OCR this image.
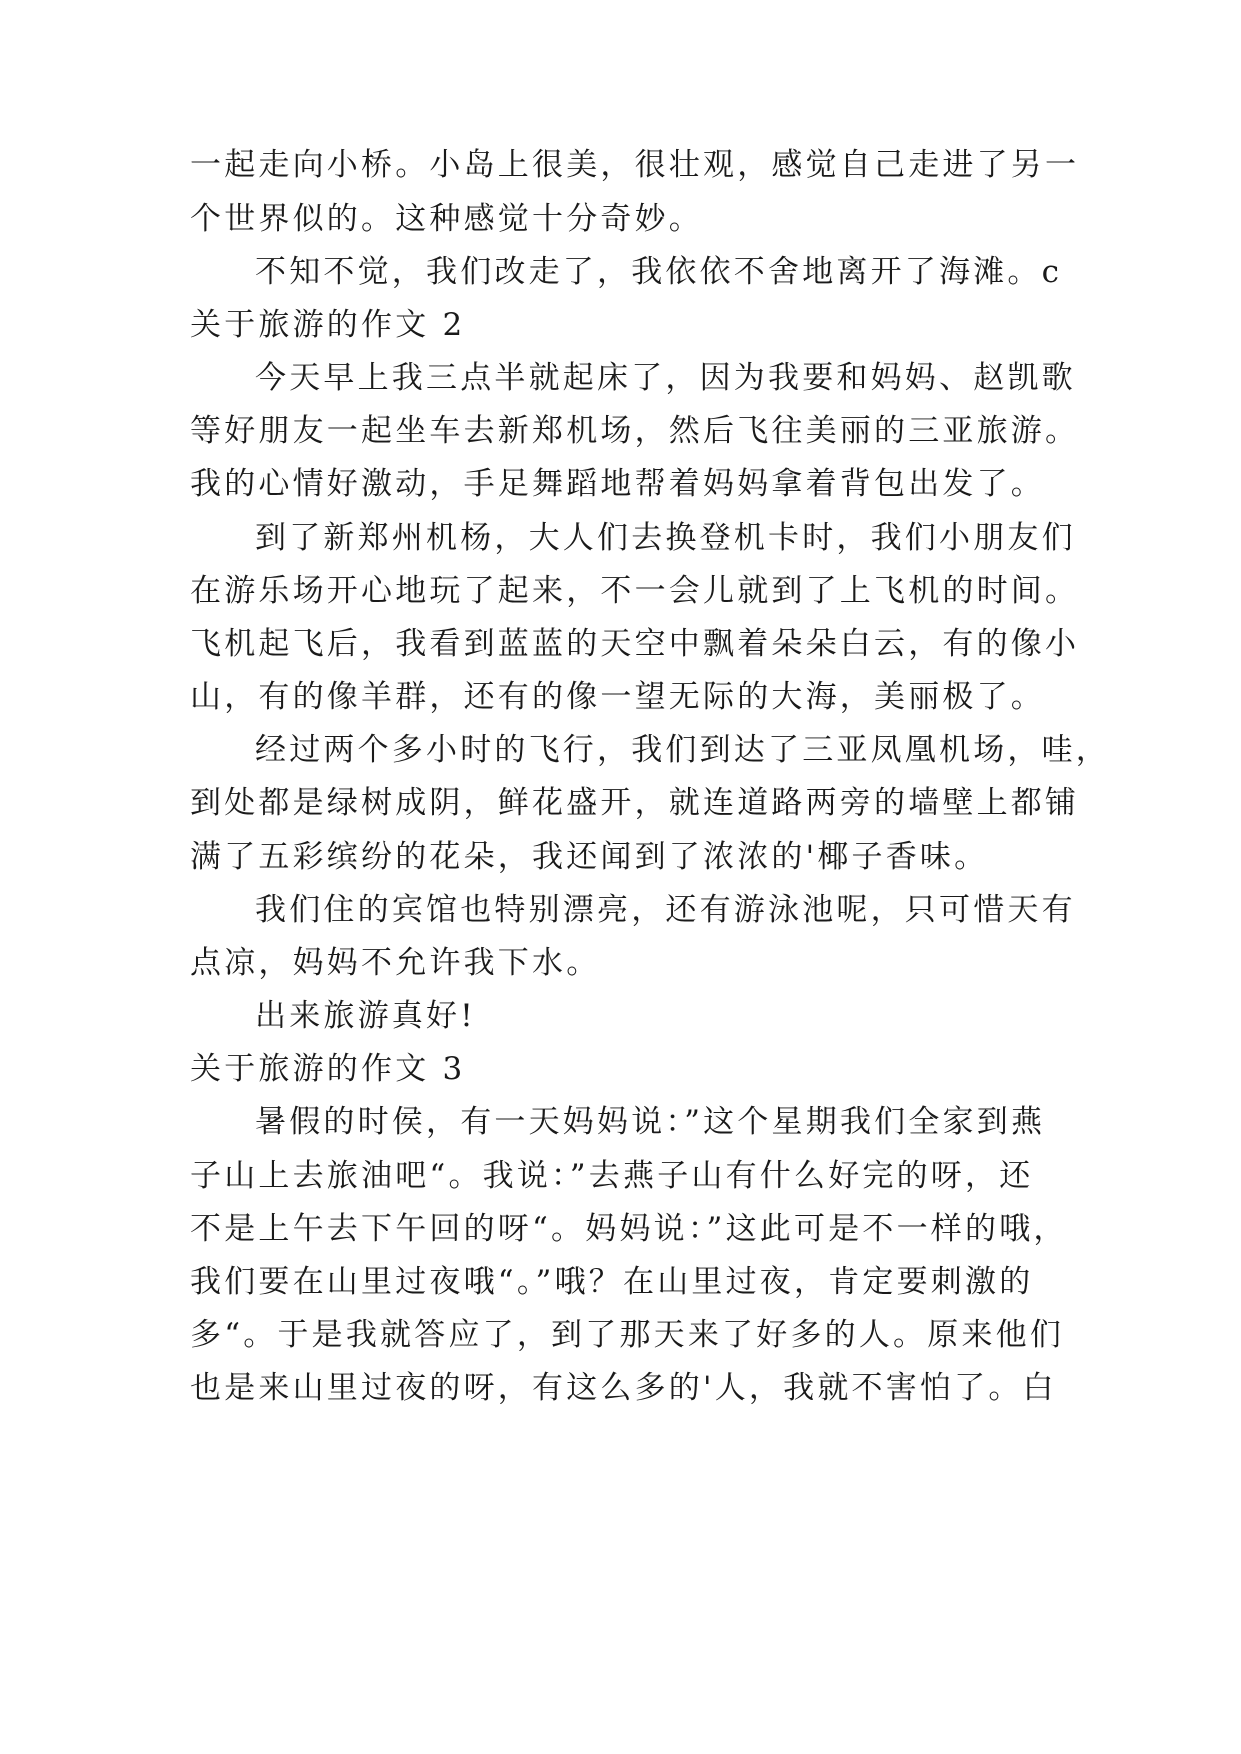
一起走向小桥。小岛上很美，很壮观，感觉自己走进了另一
个世界似的。这种感觉十分奇妙。
不知不觉，我们改走了，我依依不舍地离开了海滩。c
关于旅游的作文 2
今天早上我三点半就起床了，因为我要和妈妈、赵凯歌
等好朋友一起坐车去新郑机场，然后飞往美丽的三亚旅游。
我的心情好激动，手足舞蹈地帮着妈妈拿着背包出发了。
到了新郑州机杨，大人们去换登机卡时，我们小朋友们
在游乐场开心地玩了起来，不一会儿就到了上飞机的时间。
飞机起飞后，我看到蓝蓝的天空中飘着朵朵白云，有的像小
山，有的像羊群，还有的像一望无际的大海，美丽极了。
经过两个多小时的飞行，我们到达了三亚凤凰机场，哇，
到处都是绿树成阴，鲜花盛开，就连道路两旁的墙壁上都铺
满了五彩缤纷的花朵，我还闻到了浓浓的'椰子香味。
我们住的宾馆也特别漂亮，还有游泳池呢，只可惜天有
点凉，妈妈不允许我下水。
出来旅游真好!
关于旅游的作文 3
暑假的时侯，有一天妈妈说：”这个星期我们全家到燕
子山上去旅油吧“。我说：”去燕子山有什么好完的呀，还
不是上午去下午回的呀“。妈妈说：”这此可是不一样的哦，
我们要在山里过夜哦“。”哦？在山里过夜，肯定要刺激的
多“。于是我就答应了，到了那天来了好多的人。原来他们
也是来山里过夜的呀，有这么多的'人，我就不害怕了。白
